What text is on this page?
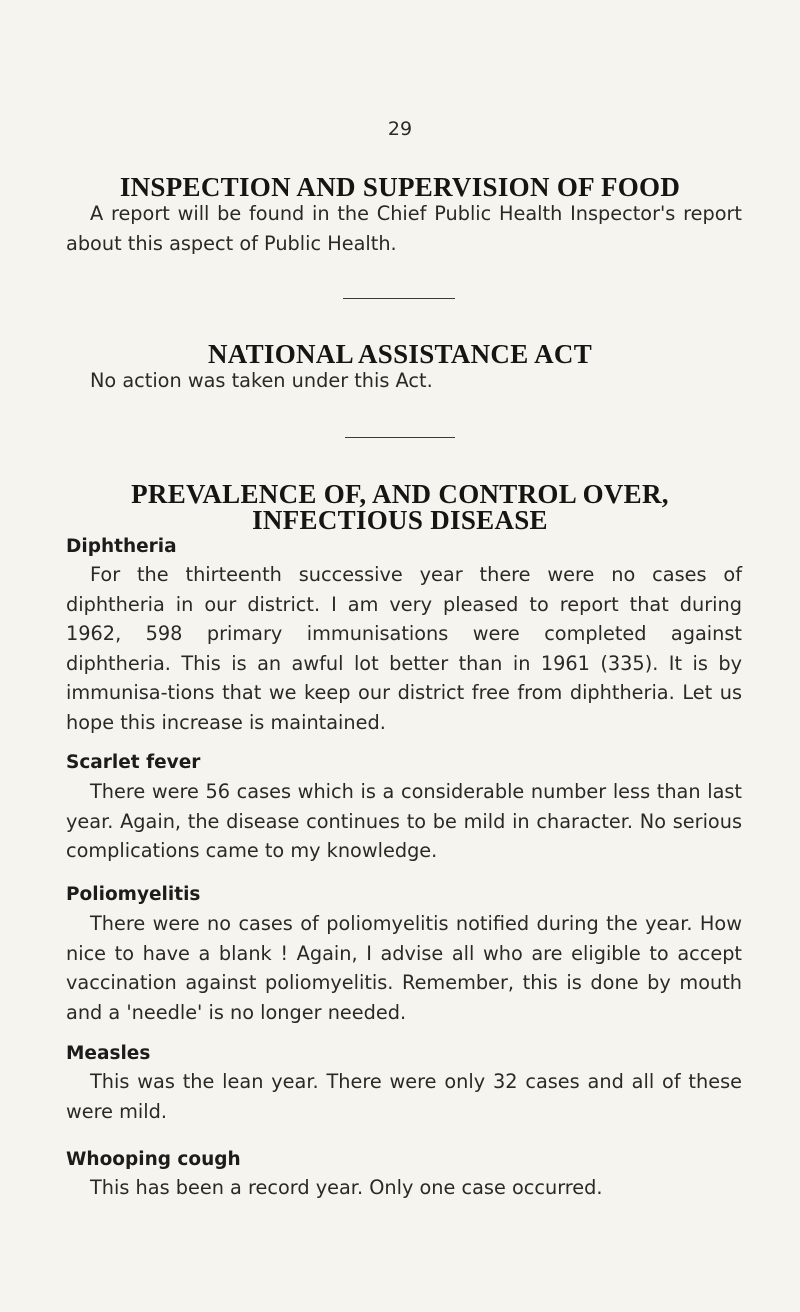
29
INSPECTION AND SUPERVISION OF FOOD

A report will be found in the Chief Public Health Inspector's report about this aspect of Public Health.

NATIONAL ASSISTANCE ACT

No action was taken under this Act.

PREVALENCE OF, AND CONTROL OVER,
INFECTIOUS DISEASE
Diphtheria

For the thirteenth successive year there were no cases of diphtheria in our district. I am very pleased to report that during 1962, 598 primary immunisations were completed against diphtheria. This is an awful lot better than in 1961 (335). It is by immunisa-tions that we keep our district free from diphtheria. Let us hope this increase is maintained.

Scarlet fever

There were 56 cases which is a considerable number less than last year. Again, the disease continues to be mild in character. No serious complications came to my knowledge.

Poliomyelitis

There were no cases of poliomyelitis notified during the year. How nice to have a blank ! Again, I advise all who are eligible to accept vaccination against poliomyelitis. Remember, this is done by mouth and a 'needle' is no longer needed.

Measles

This was the lean year. There were only 32 cases and all of these were mild.

Whooping cough

This has been a record year. Only one case occurred.
